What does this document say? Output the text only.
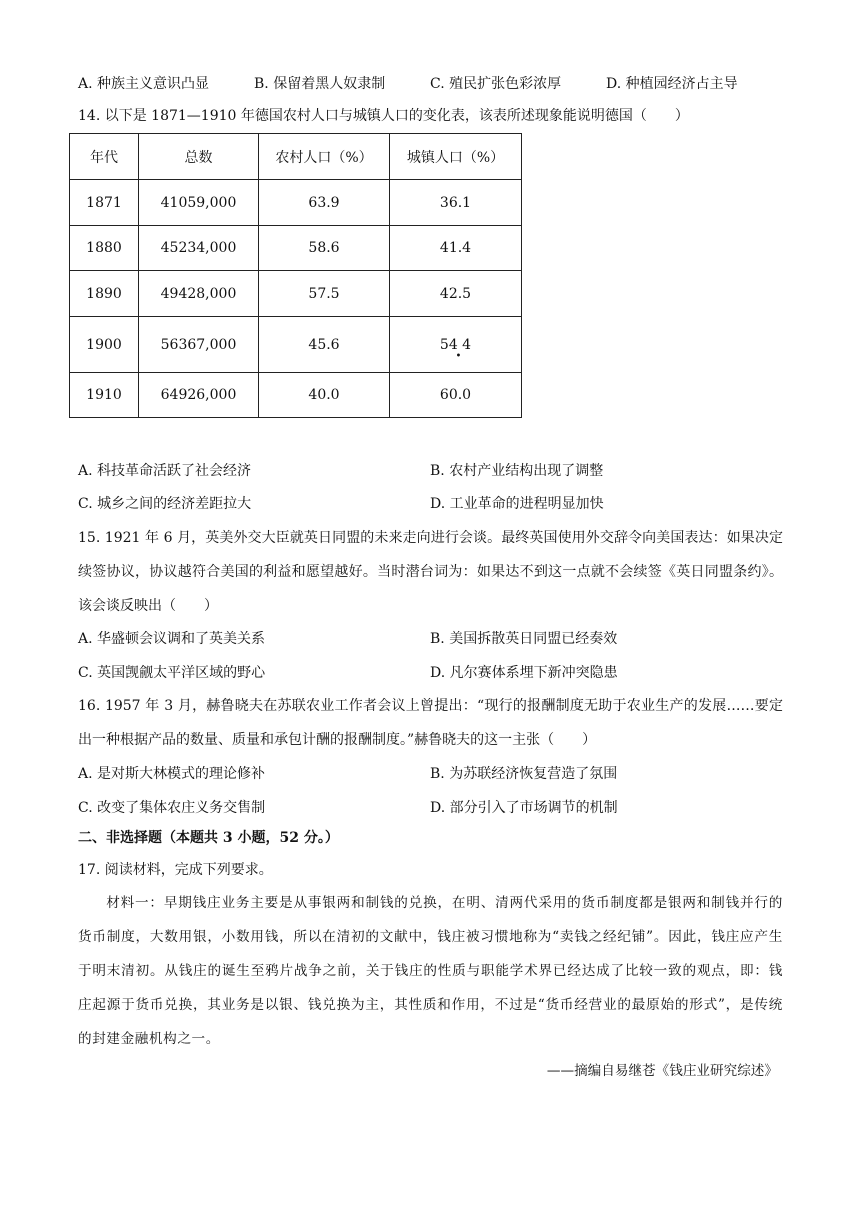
A. 种族主义意识凸显	B. 保留着黑人奴隶制	C. 殖民扩张色彩浓厚	D. 种植园经济占主导
14. 以下是 1871—1910 年德国农村人口与城镇人口的变化表，该表所述现象能说明德国（　　）
年代	总数	农村人口（%）	城镇人口（%）
1871	41059,000	63.9	36.1
1880	45234,000	58.6	41.4
1890	49428,000	57.5	42.5
1900	56367,000	45.6	54 4
•

1910	64926,000	40.0	60.0
A. 科技革命活跃了社会经济	B. 农村产业结构出现了调整
C. 城乡之间的经济差距拉大	D. 工业革命的进程明显加快
15. 1921 年 6 月，英美外交大臣就英日同盟的未来走向进行会谈。最终英国使用外交辞令向美国表达：如果决定续签协议，协议越符合美国的利益和愿望越好。当时潜台词为：如果达不到这一点就不会续签《英日同盟条约》。该会谈反映出（　　）
A. 华盛顿会议调和了英美关系	B. 美国拆散英日同盟已经奏效
C. 英国觊觎太平洋区域的野心	D. 凡尔赛体系埋下新冲突隐患
16. 1957 年 3 月，赫鲁晓夫在苏联农业工作者会议上曾提出：“现行的报酬制度无助于农业生产的发展……要定出一种根据产品的数量、质量和承包计酬的报酬制度。”赫鲁晓夫的这一主张（　　）
A. 是对斯大林模式的理论修补	B. 为苏联经济恢复营造了氛围
C. 改变了集体农庄义务交售制	D. 部分引入了市场调节的机制
二、非选择题（本题共 3 小题，52 分。）
17. 阅读材料，完成下列要求。
材料一：早期钱庄业务主要是从事银两和制钱的兑换，在明、清两代采用的货币制度都是银两和制钱并行的货币制度，大数用银，小数用钱，所以在清初的文献中，钱庄被习惯地称为“卖钱之经纪铺”。因此，钱庄应产生于明末清初。从钱庄的诞生至鸦片战争之前，关于钱庄的性质与职能学术界已经达成了比较一致的观点，即：钱庄起源于货币兑换，其业务是以银、钱兑换为主，其性质和作用，不过是“货币经营业的最原始的形式”，是传统的封建金融机构之一。
——摘编自易继苍《钱庄业研究综述》
